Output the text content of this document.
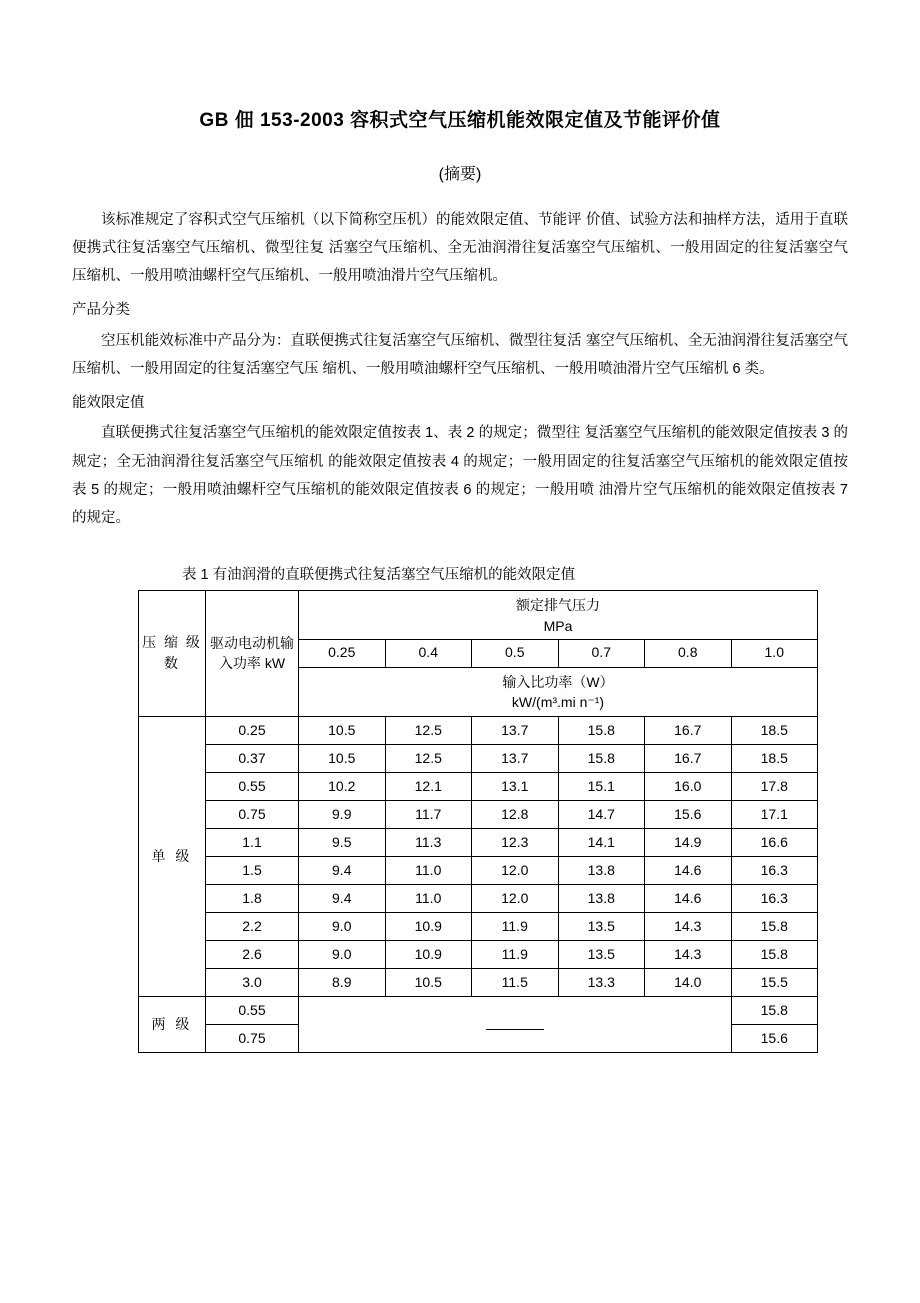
GB 佃 153-2003 容积式空气压缩机能效限定值及节能评价值
(摘要)

该标准规定了容积式空气压缩机（以下简称空压机）的能效限定值、节能评 价值、试验方法和抽样方法，适用于直联便携式往复活塞空气压缩机、微型往复 活塞空气压缩机、全无油润滑往复活塞空气压缩机、一般用固定的往复活塞空气 压缩机、一般用喷油螺杆空气压缩机、一般用喷油滑片空气压缩机。

产品分类

空压机能效标准中产品分为：直联便携式往复活塞空气压缩机、微型往复活 塞空气压缩机、全无油润滑往复活塞空气压缩机、一般用固定的往复活塞空气压 缩机、一般用喷油螺杆空气压缩机、一般用喷油滑片空气压缩机 6 类。

能效限定值

直联便携式往复活塞空气压缩机的能效限定值按表 1、表 2 的规定；微型往 复活塞空气压缩机的能效限定值按表 3 的规定；全无油润滑往复活塞空气压缩机 的能效限定值按表 4 的规定；一般用固定的往复活塞空气压缩机的能效限定值按 表 5 的规定；一般用喷油螺杆空气压缩机的能效限定值按表 6 的规定；一般用喷 油滑片空气压缩机的能效限定值按表 7 的规定。

表 1 有油润滑的直联便携式往复活塞空气压缩机的能效限定值
压 缩 级 数	驱动电动机输入功率 kW	额定排气压力
MPa					
		0.25	0.4	0.5	0.7	0.8	1.0
		输入比功率（W）
kW/(m³.mi n⁻¹)					
单 级	0.25	10.5	12.5	13.7	15.8	16.7	18.5
	0.37	10.5	12.5	13.7	15.8	16.7	18.5
	0.55	10.2	12.1	13.1	15.1	16.0	17.8
	0.75	9.9	11.7	12.8	14.7	15.6	17.1
	1.1	9.5	11.3	12.3	14.1	14.9	16.6
	1.5	9.4	11.0	12.0	13.8	14.6	16.3
	1.8	9.4	11.0	12.0	13.8	14.6	16.3
	2.2	9.0	10.9	11.9	13.5	14.3	15.8
	2.6	9.0	10.9	11.9	13.5	14.3	15.8
	3.0	8.9	10.5	11.5	13.3	14.0	15.5
两 级	0.55						15.8
	0.75						15.6
